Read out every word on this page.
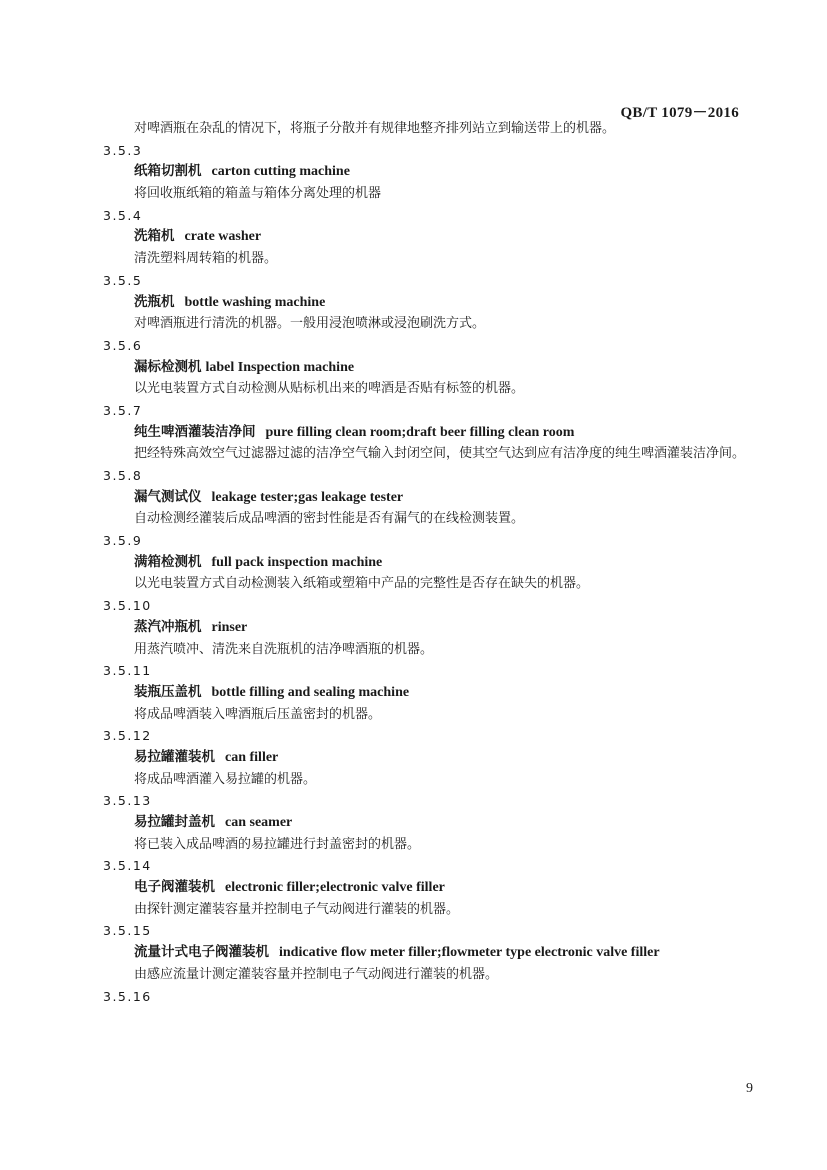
QB/T 1079－2016
对啤酒瓶在杂乱的情况下，将瓶子分散并有规律地整齐排列站立到输送带上的机器。
3.5.3
纸箱切割机 carton cutting machine
将回收瓶纸箱的箱盖与箱体分离处理的机器
3.5.4
洗箱机 crate washer
清洗塑料周转箱的机器。
3.5.5
洗瓶机 bottle washing machine
对啤酒瓶进行清洗的机器。一般用浸泡喷淋或浸泡刷洗方式。
3.5.6
漏标检测机 label Inspection machine
以光电装置方式自动检测从贴标机出来的啤酒是否贴有标签的机器。
3.5.7
纯生啤酒灌装洁净间 pure filling clean room;draft beer filling clean room
把经特殊高效空气过滤器过滤的洁净空气输入封闭空间，使其空气达到应有洁净度的纯生啤酒灌装洁净间。
3.5.8
漏气测试仪 leakage tester;gas leakage tester
自动检测经灌装后成品啤酒的密封性能是否有漏气的在线检测装置。
3.5.9
满箱检测机 full pack inspection machine
以光电装置方式自动检测装入纸箱或塑箱中产品的完整性是否存在缺失的机器。
3.5.10
蒸汽冲瓶机 rinser
用蒸汽喷冲、清洗来自洗瓶机的洁净啤酒瓶的机器。
3.5.11
装瓶压盖机 bottle filling and sealing machine
将成品啤酒装入啤酒瓶后压盖密封的机器。
3.5.12
易拉罐灌装机 can filler
将成品啤酒灌入易拉罐的机器。
3.5.13
易拉罐封盖机 can seamer
将已装入成品啤酒的易拉罐进行封盖密封的机器。
3.5.14
电子阀灌装机 electronic filler;electronic valve filler
由探针测定灌装容量并控制电子气动阀进行灌装的机器。
3.5.15
流量计式电子阀灌装机 indicative flow meter filler;flowmeter type electronic valve filler
由感应流量计测定灌装容量并控制电子气动阀进行灌装的机器。
3.5.16
9
